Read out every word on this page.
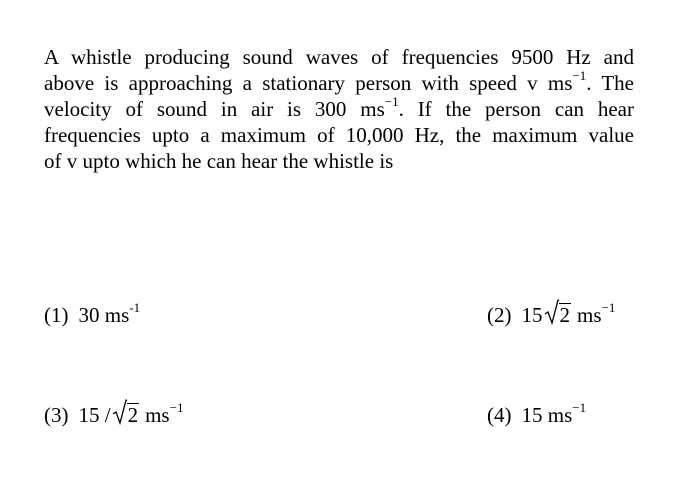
A whistle producing sound waves of frequencies 9500 Hz and
above is approaching a stationary person with speed v $ms^{-1}$. The
velocity of sound in air is 300 $ms^{-1}$. If the person can hear
frequencies upto a maximum of 10,000 Hz, the maximum value
of v upto which he can hear the whistle is
(1) 30 $ms^{-1}$	(2) 15 2 $ms^{-1}$
(3) 15 / 2 $ms^{-1}$	(4) 15 $ms^{-1}$
